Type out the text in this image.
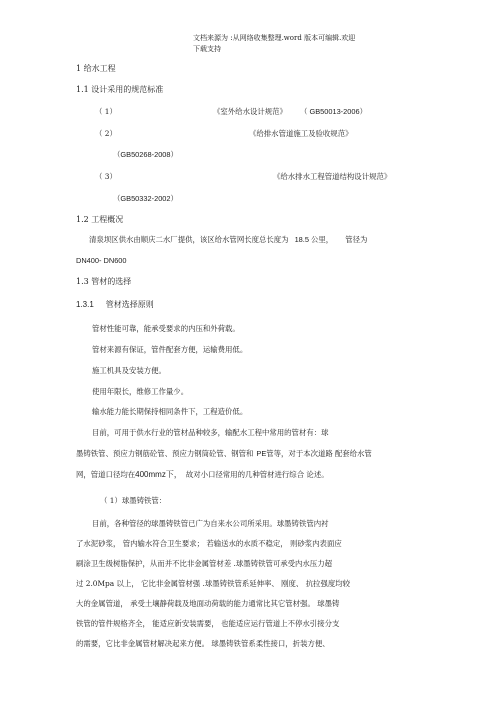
文档来源为 :从网络收集整理.word 版本可编辑.欢迎
下载支持
1 给水工程
1.1 设计采用的规范标准
（ 1）	《室外给水设计规范》 （ GB50013-2006）
（ 2）	《给排水管道施工及验收规范》
（GB50268-2008）
（ 3）	《给水排水工程管道结构设计规范》
（GB50332-2002）
1.2 工程概况
清泉坝区供水由顺庆二水厂提供，该区给水管网长度总长度为 18.5 公里， 管径为
DN400- DN600
1.3 管材的选择
1.3.1 管材选择原则
管材性能可靠，能承受要求的内压和外荷载。
管材来源有保证，管件配套方便，运输费用低。
施工机具及安装方便。
使用年限长，维修工作量少。
输水能力能长期保持相同条件下，工程造价低。
目前，可用于供水行业的管材品种较多，输配水工程中常用的管材有：球
墨铸铁管、预应力钢筋砼管、预应力钢筒砼管、钢管和 PE管等，对于本次道路 配套给水管
网，管道口径均在400mmz下， 故对小口径常用的几种管材进行综合 论述。
（ 1）球墨铸铁管：
目前，各种管径的球墨铸铁管已广为自来水公司所采用。球墨铸铁管内衬
了水泥砂浆， 管内输水符合卫生要求； 若输送水的水质不稳定， 则砂浆内表面应
刷涂卫生级树脂保护，从而并不比非金属管材差 .球墨铸铁管可承受内水压力超
过 2.0Mpa 以上， 它比非金属管材强 .球墨铸铁管系延伸率、 刚度、 抗拉强度均较
大的金属管道， 承受土壤静荷载及地面动荷载的能力通常比其它管材强。 球墨铸
铁管的管件规格齐全， 能适应新安装需要， 也能适应运行管道上不停水引接分支
的需要，它比非金属管材解决起来方便。 球墨铸铁管系柔性接口，折装方便、
